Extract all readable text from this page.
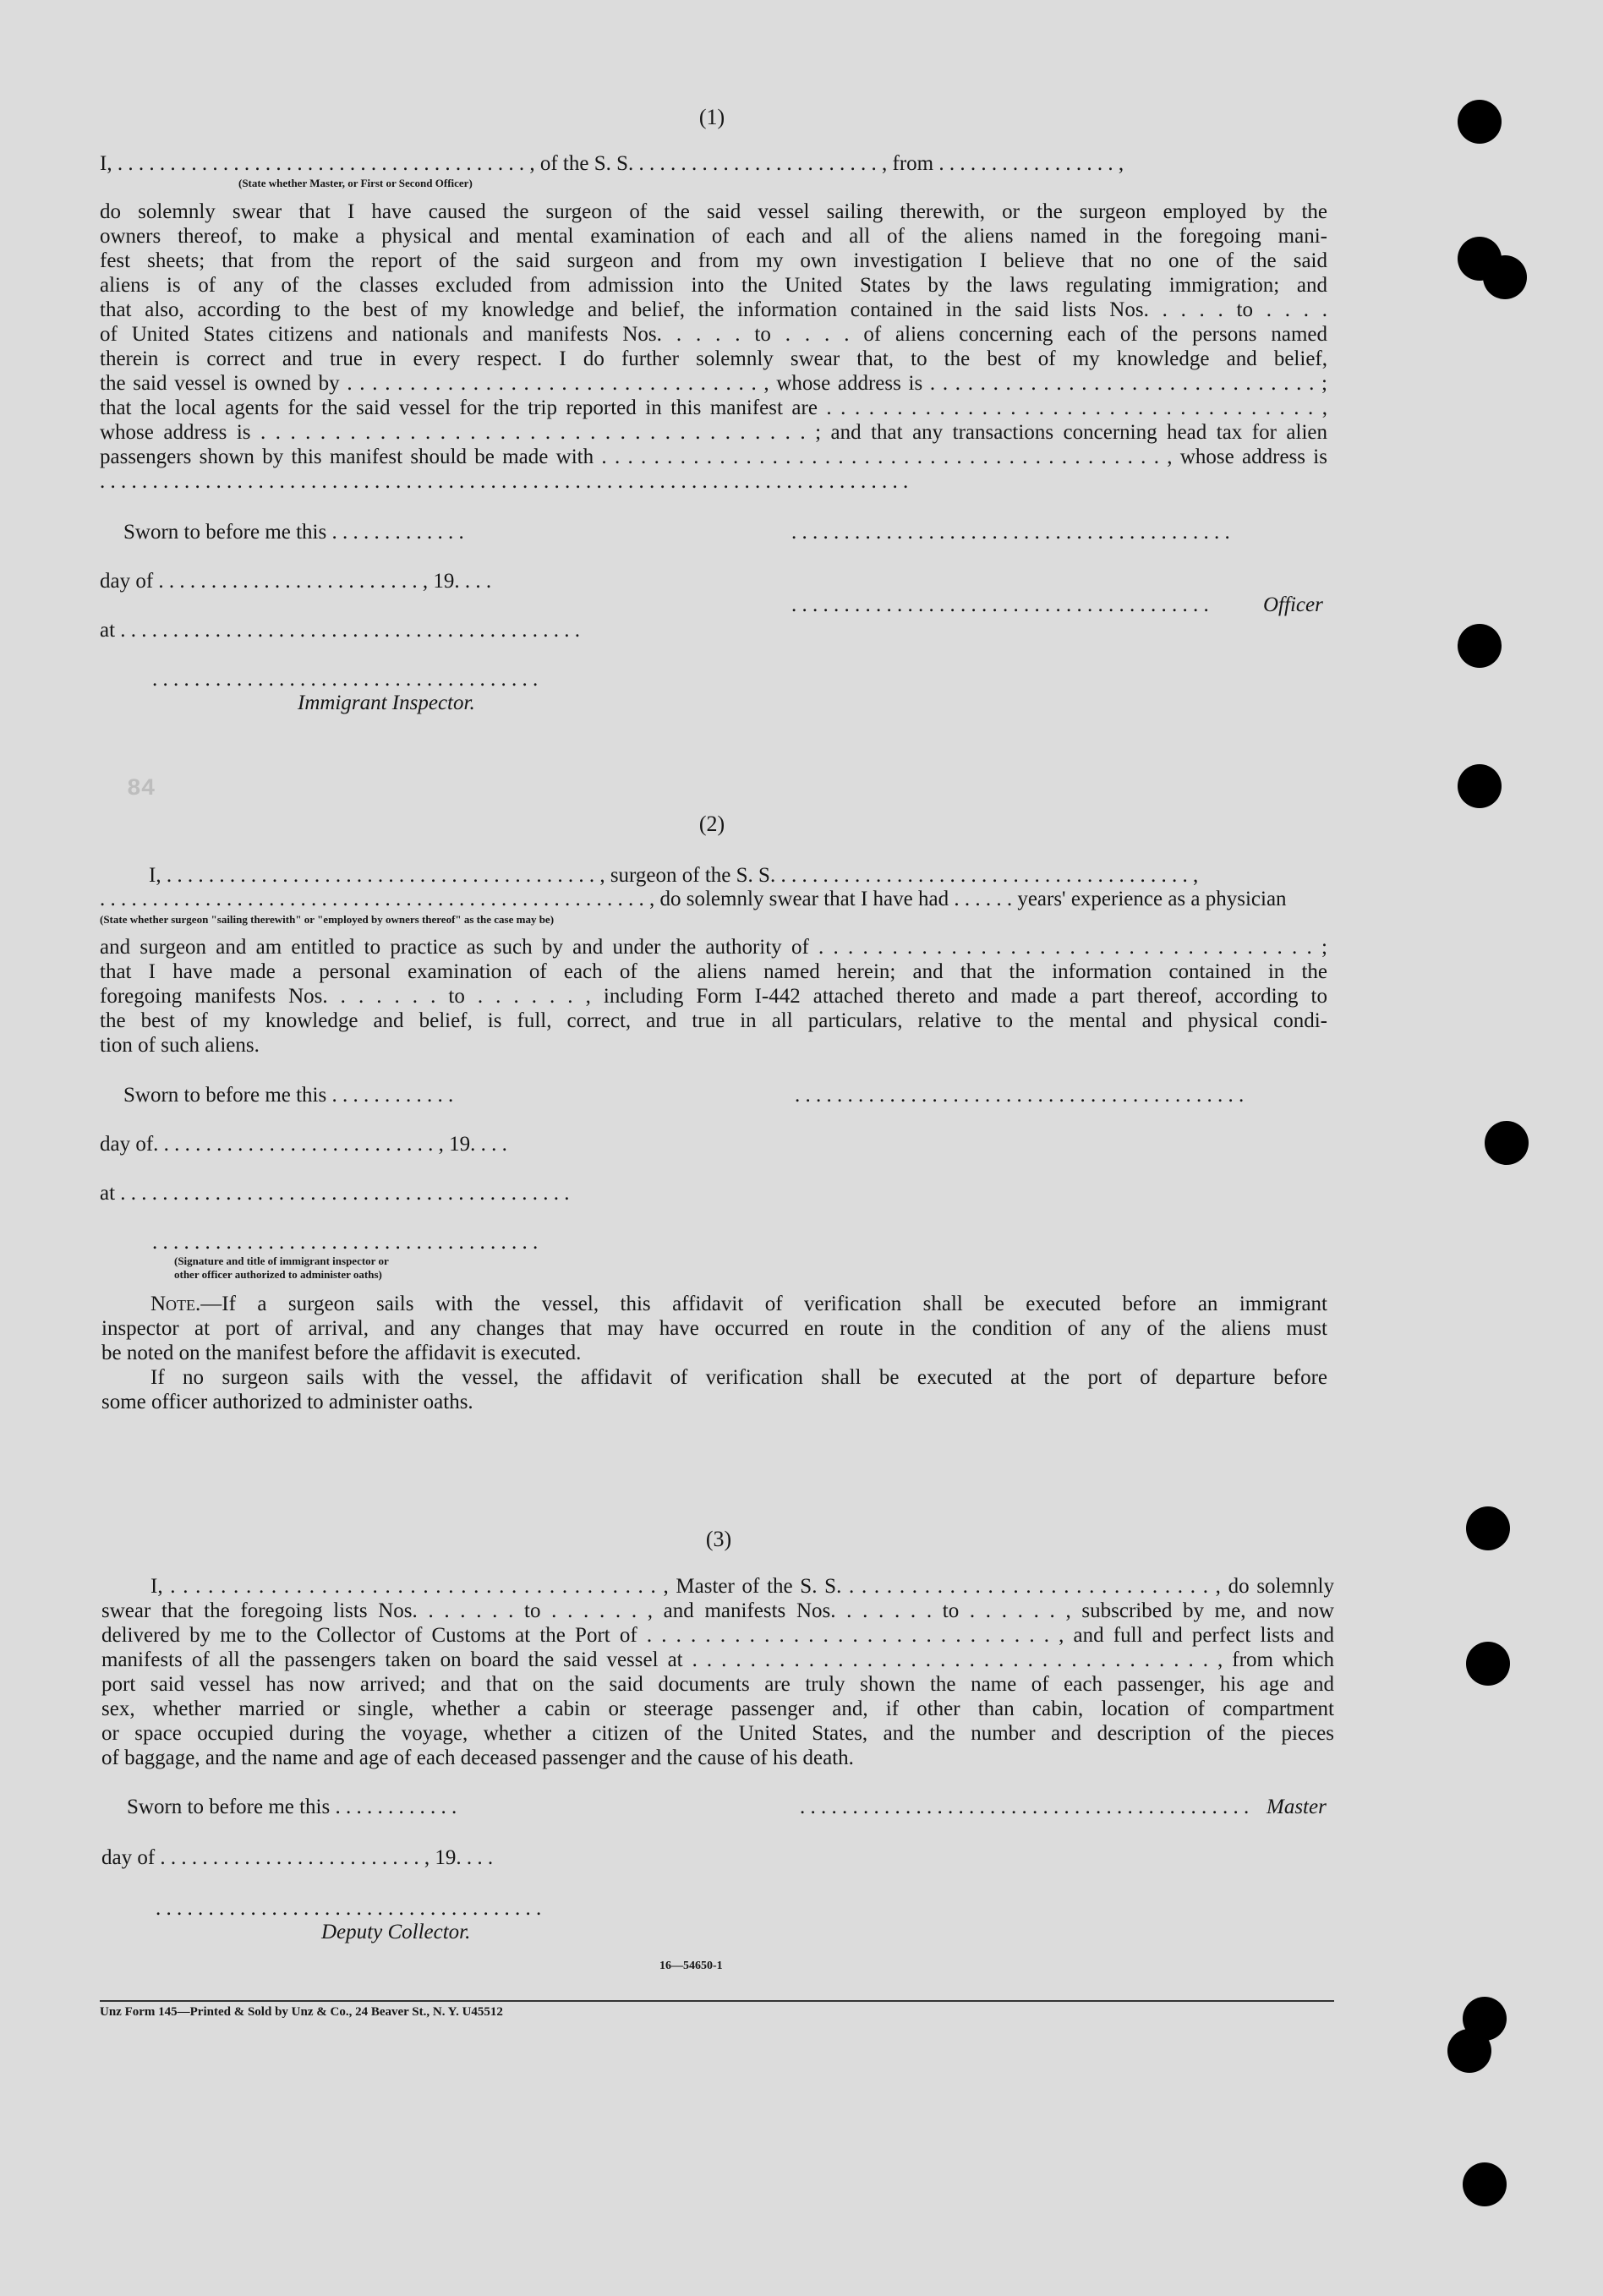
84
(1)
I, . . . . . . . . . . . . . . . . . . . . . . . . . . . . . . . . . . . . . . . , of the S. S. . . . . . . . . . . . . . . . . . . . . . . . , from . . . . . . . . . . . . . . . . . ,
(State whether Master, or First or Second Officer)
do solemnly swear that I have caused the surgeon of the said vessel sailing therewith, or the surgeon employed by the
owners thereof, to make a physical and mental examination of each and all of the aliens named in the foregoing mani-
fest sheets; that from the report of the said surgeon and from my own investigation I believe that no one of the said
aliens is of any of the classes excluded from admission into the United States by the laws regulating immigration; and
that also, according to the best of my knowledge and belief, the information contained in the said lists Nos. . . . . to . . . .
of United States citizens and nationals and manifests Nos. . . . . to . . . . of aliens concerning each of the persons named
therein is correct and true in every respect. I do further solemnly swear that, to the best of my knowledge and belief,
the said vessel is owned by . . . . . . . . . . . . . . . . . . . . . . . . . . . . . . . . . , whose address is . . . . . . . . . . . . . . . . . . . . . . . . . . . . . . . ;
that the local agents for the said vessel for the trip reported in this manifest are . . . . . . . . . . . . . . . . . . . . . . . . . . . . . . . . . . . ,
whose address is . . . . . . . . . . . . . . . . . . . . . . . . . . . . . . . . . . . . . ; and that any transactions concerning head tax for alien
passengers shown by this manifest should be made with . . . . . . . . . . . . . . . . . . . . . . . . . . . . . . . . . . . . . . . . . . . , whose address is
. . . . . . . . . . . . . . . . . . . . . . . . . . . . . . . . . . . . . . . . . . . . . . . . . . . . . . . . . . . . . . . . . . . . . . . . . . . . .
Sworn to before me this . . . . . . . . . . . . .	. . . . . . . . . . . . . . . . . . . . . . . . . . . . . . . . . . . . . . . . . .
day of . . . . . . . . . . . . . . . . . . . . . . . . . , 19. . . .
. . . . . . . . . . . . . . . . . . . . . . . . . . . . . . . . . . . . . . . .	Officer
at . . . . . . . . . . . . . . . . . . . . . . . . . . . . . . . . . . . . . . . . . . . .
. . . . . . . . . . . . . . . . . . . . . . . . . . . . . . . . . . . . .
Immigrant Inspector.
(2)
I, . . . . . . . . . . . . . . . . . . . . . . . . . . . . . . . . . . . . . . . . . , surgeon of the S. S. . . . . . . . . . . . . . . . . . . . . . . . . . . . . . . . . . . . . . . . ,
. . . . . . . . . . . . . . . . . . . . . . . . . . . . . . . . . . . . . . . . . . . . . . . . . . . . , do solemnly swear that I have had . . . . . . years' experience as a physician
(State whether surgeon "sailing therewith" or "employed by owners thereof" as the case may be)
and surgeon and am entitled to practice as such by and under the authority of . . . . . . . . . . . . . . . . . . . . . . . . . . . . . . . . . . ;
that I have made a personal examination of each of the aliens named herein; and that the information contained in the
foregoing manifests Nos. . . . . . . to . . . . . . , including Form I-442 attached thereto and made a part thereof, according to
the best of my knowledge and belief, is full, correct, and true in all particulars, relative to the mental and physical condi-
tion of such aliens.
Sworn to before me this . . . . . . . . . . . .	. . . . . . . . . . . . . . . . . . . . . . . . . . . . . . . . . . . . . . . . . . .
day of. . . . . . . . . . . . . . . . . . . . . . . . . . . , 19. . . .
at . . . . . . . . . . . . . . . . . . . . . . . . . . . . . . . . . . . . . . . . . . .
. . . . . . . . . . . . . . . . . . . . . . . . . . . . . . . . . . . . .
(Signature and title of immigrant inspector or
other officer authorized to administer oaths)
Note.—If a surgeon sails with the vessel, this affidavit of verification shall be executed before an immigrant
inspector at port of arrival, and any changes that may have occurred en route in the condition of any of the aliens must
be noted on the manifest before the affidavit is executed.
If no surgeon sails with the vessel, the affidavit of verification shall be executed at the port of departure before
some officer authorized to administer oaths.
(3)
I, . . . . . . . . . . . . . . . . . . . . . . . . . . . . . . . . . . . . . . . , Master of the S. S. . . . . . . . . . . . . . . . . . . . . . . . . . . . . . , do solemnly
swear that the foregoing lists Nos. . . . . . . to . . . . . . , and manifests Nos. . . . . . . to . . . . . . , subscribed by me, and now
delivered by me to the Collector of Customs at the Port of . . . . . . . . . . . . . . . . . . . . . . . . . . . . , and full and perfect lists and
manifests of all the passengers taken on board the said vessel at . . . . . . . . . . . . . . . . . . . . . . . . . . . . . . . . . . . . , from which
port said vessel has now arrived; and that on the said documents are truly shown the name of each passenger, his age and
sex, whether married or single, whether a cabin or steerage passenger and, if other than cabin, location of compartment
or space occupied during the voyage, whether a citizen of the United States, and the number and description of the pieces
of baggage, and the name and age of each deceased passenger and the cause of his death.
Sworn to before me this . . . . . . . . . . . .	. . . . . . . . . . . . . . . . . . . . . . . . . . . . . . . . . . . . . . . . . . . Master
day of . . . . . . . . . . . . . . . . . . . . . . . . . , 19. . . .
. . . . . . . . . . . . . . . . . . . . . . . . . . . . . . . . . . . . .
Deputy Collector.
16—54650-1
Unz Form 145—Printed & Sold by Unz & Co., 24 Beaver St., N. Y. U45512
